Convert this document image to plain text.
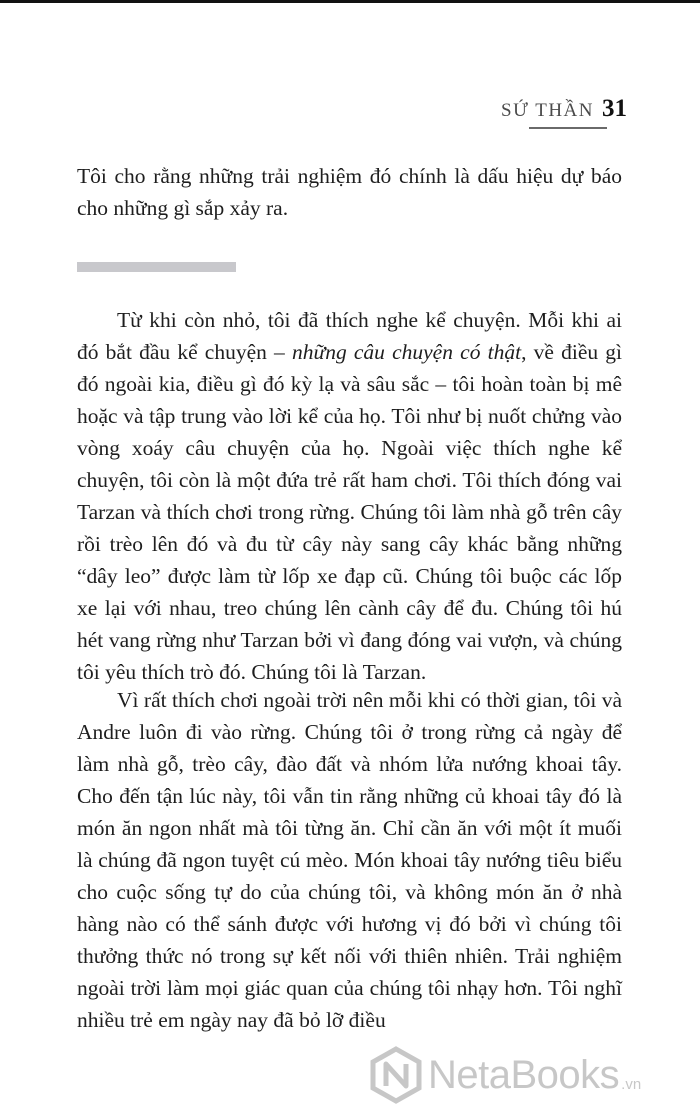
SỨ THẦN 31

Tôi cho rằng những trải nghiệm đó chính là dấu hiệu dự báo cho những gì sắp xảy ra.

Từ khi còn nhỏ, tôi đã thích nghe kể chuyện. Mỗi khi ai đó bắt đầu kể chuyện – những câu chuyện có thật, về điều gì đó ngoài kia, điều gì đó kỳ lạ và sâu sắc – tôi hoàn toàn bị mê hoặc và tập trung vào lời kể của họ. Tôi như bị nuốt chửng vào vòng xoáy câu chuyện của họ. Ngoài việc thích nghe kể chuyện, tôi còn là một đứa trẻ rất ham chơi. Tôi thích đóng vai Tarzan và thích chơi trong rừng. Chúng tôi làm nhà gỗ trên cây rồi trèo lên đó và đu từ cây này sang cây khác bằng những “dây leo” được làm từ lốp xe đạp cũ. Chúng tôi buộc các lốp xe lại với nhau, treo chúng lên cành cây để đu. Chúng tôi hú hét vang rừng như Tarzan bởi vì đang đóng vai vượn, và chúng tôi yêu thích trò đó. Chúng tôi là Tarzan.

Vì rất thích chơi ngoài trời nên mỗi khi có thời gian, tôi và Andre luôn đi vào rừng. Chúng tôi ở trong rừng cả ngày để làm nhà gỗ, trèo cây, đào đất và nhóm lửa nướng khoai tây. Cho đến tận lúc này, tôi vẫn tin rằng những củ khoai tây đó là món ăn ngon nhất mà tôi từng ăn. Chỉ cần ăn với một ít muối là chúng đã ngon tuyệt cú mèo. Món khoai tây nướng tiêu biểu cho cuộc sống tự do của chúng tôi, và không món ăn ở nhà hàng nào có thể sánh được với hương vị đó bởi vì chúng tôi thưởng thức nó trong sự kết nối với thiên nhiên. Trải nghiệm ngoài trời làm mọi giác quan của chúng tôi nhạy hơn. Tôi nghĩ nhiều trẻ em ngày nay đã bỏ lỡ điều

NetaBooks .vn
